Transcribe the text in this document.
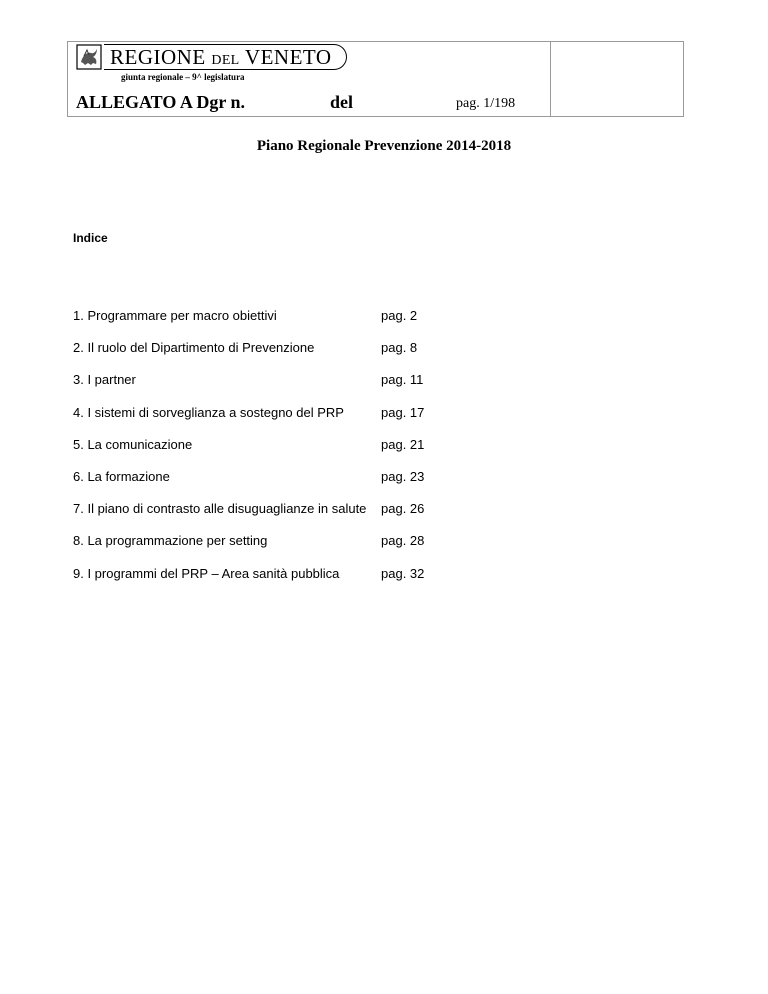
REGIONE DEL VENETO
giunta regionale – 9^ legislatura
ALLEGATO A Dgr n.	del	pag. 1/198
Piano Regionale Prevenzione 2014-2018
Indice
1. Programmare per macro obiettivi	pag. 2
2. Il ruolo del Dipartimento di Prevenzione	pag. 8
3. I partner	pag. 11
4. I sistemi di sorveglianza a sostegno del PRP	pag. 17
5. La comunicazione	pag. 21
6. La formazione	pag. 23
7. Il piano di contrasto alle disuguaglianze in salute pag. 26
8. La programmazione per setting	pag. 28
9. I programmi del PRP – Area sanità pubblica	pag. 32
